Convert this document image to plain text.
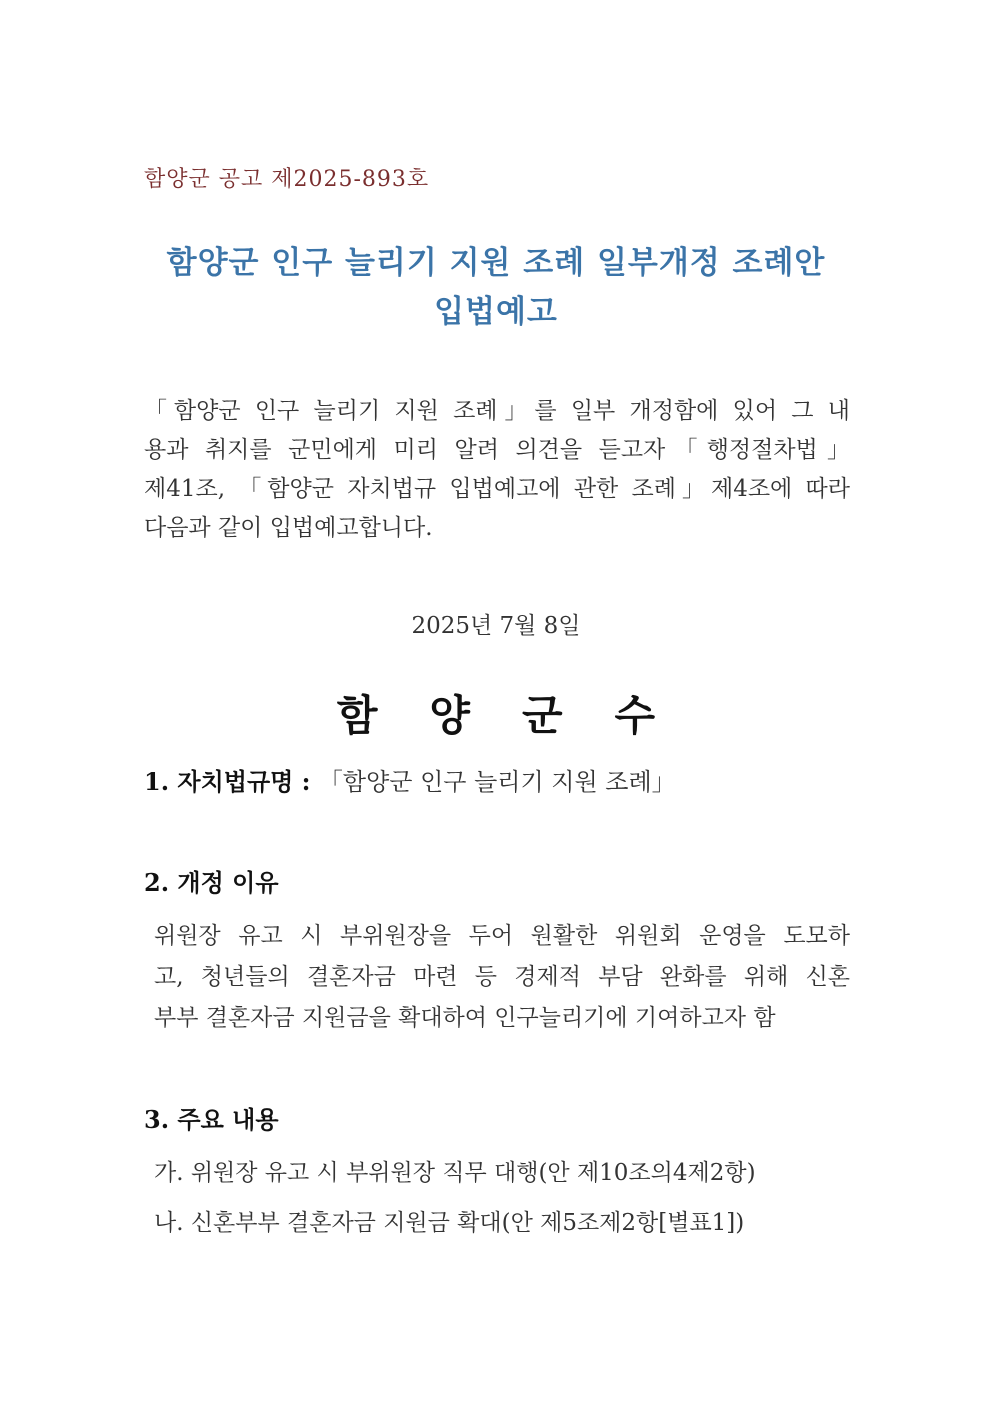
함양군 공고 제2025-893호
함양군 인구 늘리기 지원 조례 일부개정 조례안
입법예고
「함양군 인구 늘리기 지원 조례」를 일부 개정함에 있어 그 내
용과 취지를 군민에게 미리 알려 의견을 듣고자「행정절차법」
제41조, 「함양군 자치법규 입법예고에 관한 조례」제4조에 따라
다음과 같이 입법예고합니다.
2025년 7월 8일
함양군수
1. 자치법규명 : 「함양군 인구 늘리기 지원 조례」
2. 개정 이유
위원장 유고 시 부위원장을 두어 원활한 위원회 운영을 도모하
고, 청년들의 결혼자금 마련 등 경제적 부담 완화를 위해 신혼
부부 결혼자금 지원금을 확대하여 인구늘리기에 기여하고자 함
3. 주요 내용
가. 위원장 유고 시 부위원장 직무 대행(안 제10조의4제2항)
나. 신혼부부 결혼자금 지원금 확대(안 제5조제2항[별표1])
